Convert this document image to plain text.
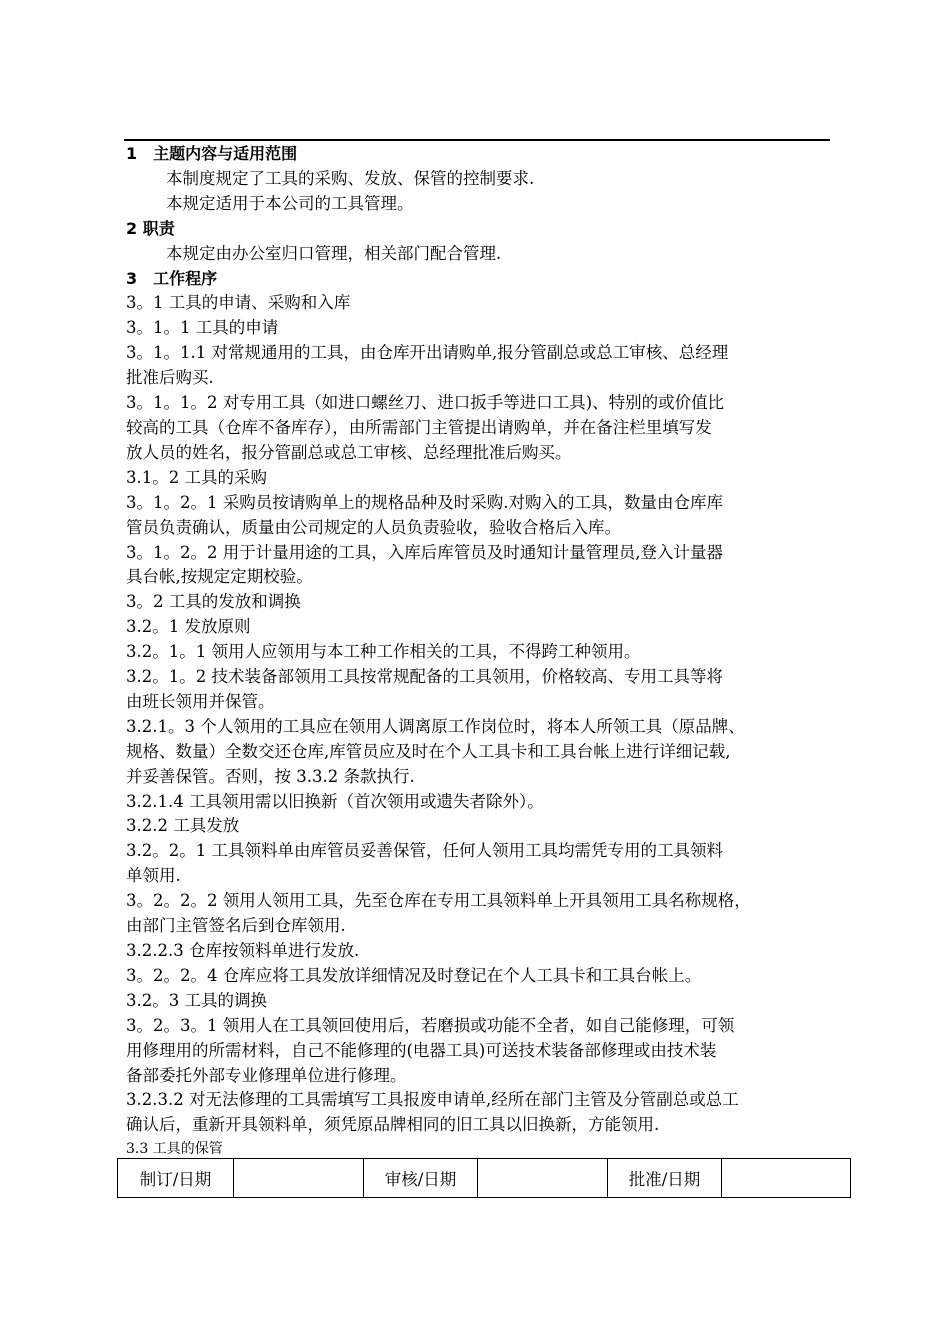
1　主题内容与适用范围
本制度规定了工具的采购、发放、保管的控制要求.
本规定适用于本公司的工具管理。
2 职责
本规定由办公室归口管理，相关部门配合管理.
3　工作程序
3。1 工具的申请、采购和入库
3。1。1 工具的申请
3。1。1.1 对常规通用的工具，由仓库开出请购单,报分管副总或总工审核、总经理
批准后购买.
3。1。1。2 对专用工具（如进口螺丝刀、进口扳手等进口工具)、特别的或价值比
较高的工具（仓库不备库存），由所需部门主管提出请购单，并在备注栏里填写发
放人员的姓名，报分管副总或总工审核、总经理批准后购买。
3.1。2 工具的采购
3。1。2。1 采购员按请购单上的规格品种及时采购.对购入的工具，数量由仓库库
管员负责确认，质量由公司规定的人员负责验收，验收合格后入库。
3。1。2。2 用于计量用途的工具，入库后库管员及时通知计量管理员,登入计量器
具台帐,按规定定期校验。
3。2 工具的发放和调换
3.2。1 发放原则
3.2。1。1 领用人应领用与本工种工作相关的工具，不得跨工种领用。
3.2。1。2 技术装备部领用工具按常规配备的工具领用，价格较高、专用工具等将
由班长领用并保管。
3.2.1。3 个人领用的工具应在领用人调离原工作岗位时，将本人所领工具（原品牌、
规格、数量）全数交还仓库,库管员应及时在个人工具卡和工具台帐上进行详细记载,
并妥善保管。否则，按 3.3.2 条款执行.
3.2.1.4 工具领用需以旧换新（首次领用或遗失者除外）。
3.2.2 工具发放
3.2。2。1 工具领料单由库管员妥善保管，任何人领用工具均需凭专用的工具领料
单领用.
3。2。2。2 领用人领用工具，先至仓库在专用工具领料单上开具领用工具名称规格，
由部门主管签名后到仓库领用.
3.2.2.3 仓库按领料单进行发放.
3。2。2。4 仓库应将工具发放详细情况及时登记在个人工具卡和工具台帐上。
3.2。3 工具的调换
3。2。3。1 领用人在工具领回使用后，若磨损或功能不全者，如自己能修理，可领
用修理用的所需材料，自己不能修理的(电器工具)可送技术装备部修理或由技术装
备部委托外部专业修理单位进行修理。
3.2.3.2 对无法修理的工具需填写工具报废申请单,经所在部门主管及分管副总或总工
确认后，重新开具领料单，须凭原品牌相同的旧工具以旧换新，方能领用.
3.3 工具的保管
制订/日期		审核/日期		批准/日期	
